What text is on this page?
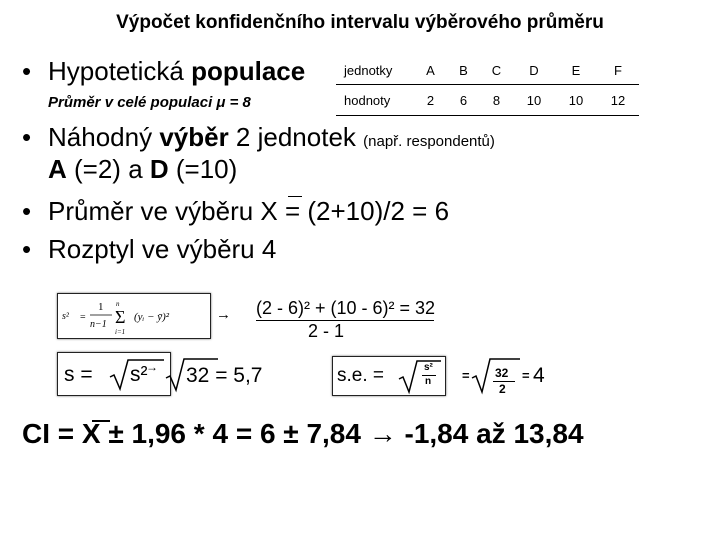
Výpočet konfidenčního intervalu výběrového průměru
• Hypotetická populace
Průměr v celé populaci μ = 8
jednotky	A	B	C	D	E	F
hodnoty	2	6	8	10	10	12
• Náhodný výběr 2 jednotek (např. respondentů)
A (=2) a D (=10)
• Průměr ve výběru X = (2+10)/2 = 6
• Rozptyl ve výběru 4
s² =
1
n−1 Σ
n
i=1
(yᵢ − ȳ)²	→ (2 - 6)² + (10 - 6)² = 32
2 - 1
s = s²
→ 32 = 5,7	s.e. =	s²
n = 32
2
= 4
CI = X ± 1,96 * 4 = 6 ± 7,84 → -1,84 až 13,84
